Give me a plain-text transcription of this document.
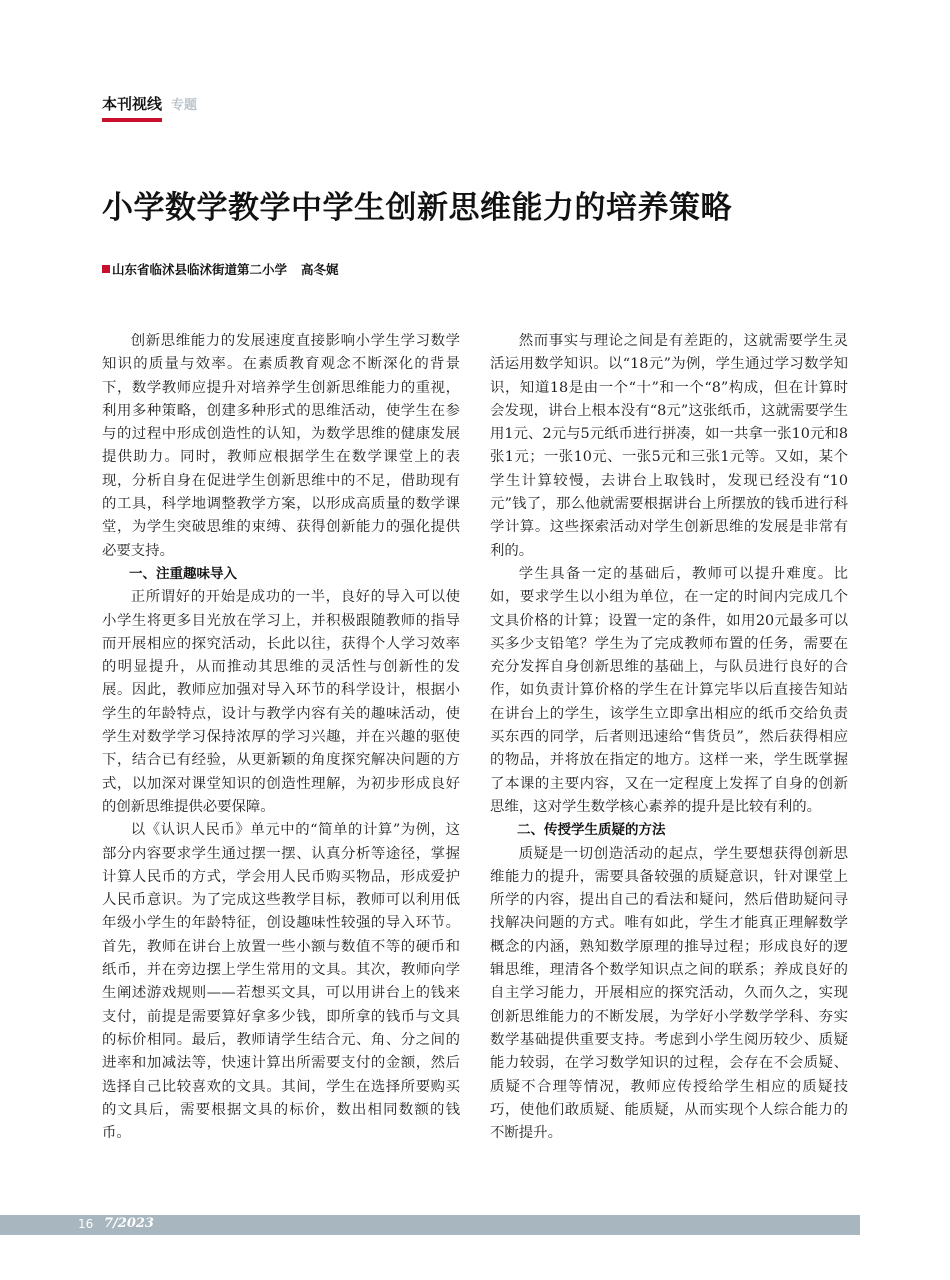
本刊视线 专题
小学数学教学中学生创新思维能力的培养策略
山东省临沭县临沭街道第二小学 高冬娓

创新思维能力的发展速度直接影响小学生学习数学知识的质量与效率。在素质教育观念不断深化的背景下，数学教师应提升对培养学生创新思维能力的重视，利用多种策略，创建多种形式的思维活动，使学生在参与的过程中形成创造性的认知，为数学思维的健康发展提供助力。同时，教师应根据学生在数学课堂上的表现，分析自身在促进学生创新思维中的不足，借助现有的工具，科学地调整教学方案，以形成高质量的数学课堂，为学生突破思维的束缚、获得创新能力的强化提供必要支持。

一、注重趣味导入

正所谓好的开始是成功的一半，良好的导入可以使小学生将更多目光放在学习上，并积极跟随教师的指导而开展相应的探究活动，长此以往，获得个人学习效率的明显提升，从而推动其思维的灵活性与创新性的发展。因此，教师应加强对导入环节的科学设计，根据小学生的年龄特点，设计与教学内容有关的趣味活动，使学生对数学学习保持浓厚的学习兴趣，并在兴趣的驱使下，结合已有经验，从更新颖的角度探究解决问题的方式，以加深对课堂知识的创造性理解，为初步形成良好的创新思维提供必要保障。

以《认识人民币》单元中的“简单的计算”为例，这部分内容要求学生通过摆一摆、认真分析等途径，掌握计算人民币的方式，学会用人民币购买物品，形成爱护人民币意识。为了完成这些教学目标，教师可以利用低年级小学生的年龄特征，创设趣味性较强的导入环节。首先，教师在讲台上放置一些小额与数值不等的硬币和纸币，并在旁边摆上学生常用的文具。其次，教师向学生阐述游戏规则——若想买文具，可以用讲台上的钱来支付，前提是需要算好拿多少钱，即所拿的钱币与文具的标价相同。最后，教师请学生结合元、角、分之间的进率和加减法等，快速计算出所需要支付的金额，然后选择自己比较喜欢的文具。其间，学生在选择所要购买的文具后，需要根据文具的标价，数出相同数额的钱币。

然而事实与理论之间是有差距的，这就需要学生灵活运用数学知识。以“18元”为例，学生通过学习数学知识，知道18是由一个“十”和一个“8”构成，但在计算时会发现，讲台上根本没有“8元”这张纸币，这就需要学生用1元、2元与5元纸币进行拼凑，如一共拿一张10元和8张1元；一张10元、一张5元和三张1元等。又如，某个学生计算较慢，去讲台上取钱时，发现已经没有“10元”钱了，那么他就需要根据讲台上所摆放的钱币进行科学计算。这些探索活动对学生创新思维的发展是非常有利的。

学生具备一定的基础后，教师可以提升难度。比如，要求学生以小组为单位，在一定的时间内完成几个文具价格的计算；设置一定的条件，如用20元最多可以买多少支铅笔？学生为了完成教师布置的任务，需要在充分发挥自身创新思维的基础上，与队员进行良好的合作，如负责计算价格的学生在计算完毕以后直接告知站在讲台上的学生，该学生立即拿出相应的纸币交给负责买东西的同学，后者则迅速给“售货员”，然后获得相应的物品，并将放在指定的地方。这样一来，学生既掌握了本课的主要内容，又在一定程度上发挥了自身的创新思维，这对学生数学核心素养的提升是比较有利的。

二、传授学生质疑的方法

质疑是一切创造活动的起点，学生要想获得创新思维能力的提升，需要具备较强的质疑意识，针对课堂上所学的内容，提出自己的看法和疑问，然后借助疑问寻找解决问题的方式。唯有如此，学生才能真正理解数学概念的内涵，熟知数学原理的推导过程；形成良好的逻辑思维，理清各个数学知识点之间的联系；养成良好的自主学习能力，开展相应的探究活动，久而久之，实现创新思维能力的不断发展，为学好小学数学学科、夯实数学基础提供重要支持。考虑到小学生阅历较少、质疑能力较弱，在学习数学知识的过程，会存在不会质疑、质疑不合理等情况，教师应传授给学生相应的质疑技巧，使他们敢质疑、能质疑，从而实现个人综合能力的不断提升。

16 7/2023
